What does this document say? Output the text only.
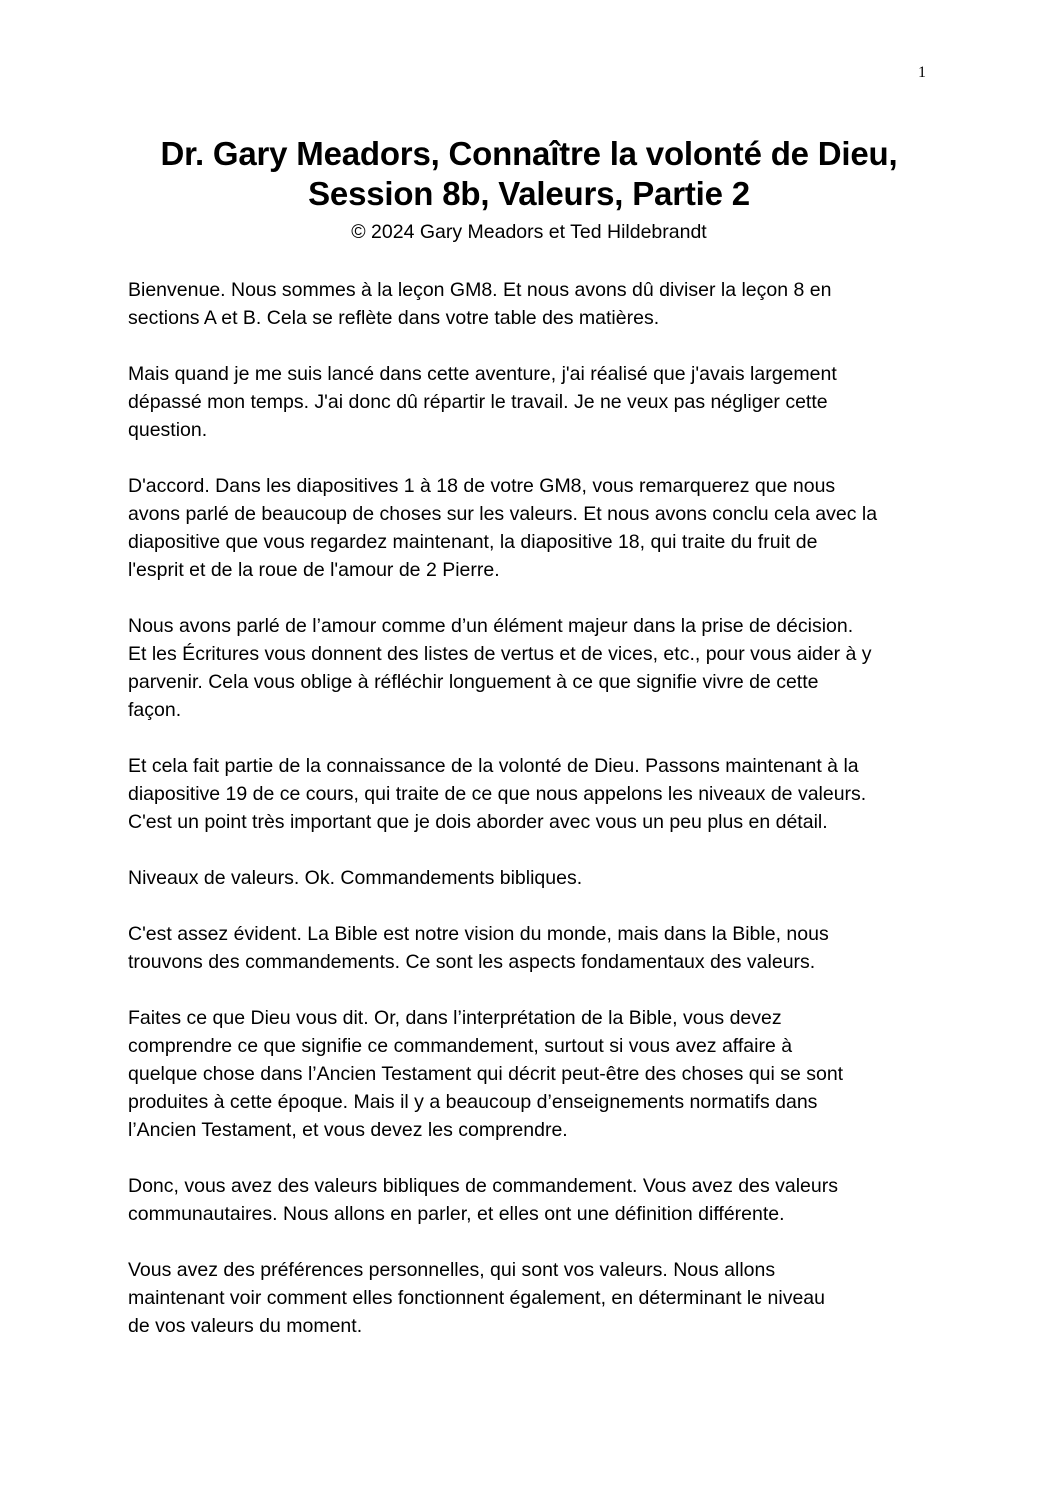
1
Dr. Gary Meadors, Connaître la volonté de Dieu,
Session 8b, Valeurs, Partie 2
© 2024 Gary Meadors et Ted Hildebrandt

Bienvenue. Nous sommes à la leçon GM8. Et nous avons dû diviser la leçon 8 en
sections A et B. Cela se reflète dans votre table des matières.

Mais quand je me suis lancé dans cette aventure, j'ai réalisé que j'avais largement
dépassé mon temps. J'ai donc dû répartir le travail. Je ne veux pas négliger cette
question.

D'accord. Dans les diapositives 1 à 18 de votre GM8, vous remarquerez que nous
avons parlé de beaucoup de choses sur les valeurs. Et nous avons conclu cela avec la
diapositive que vous regardez maintenant, la diapositive 18, qui traite du fruit de
l'esprit et de la roue de l'amour de 2 Pierre.

Nous avons parlé de l’amour comme d’un élément majeur dans la prise de décision.
Et les Écritures vous donnent des listes de vertus et de vices, etc., pour vous aider à y
parvenir. Cela vous oblige à réfléchir longuement à ce que signifie vivre de cette
façon.

Et cela fait partie de la connaissance de la volonté de Dieu. Passons maintenant à la
diapositive 19 de ce cours, qui traite de ce que nous appelons les niveaux de valeurs.
C'est un point très important que je dois aborder avec vous un peu plus en détail.

Niveaux de valeurs. Ok. Commandements bibliques.

C'est assez évident. La Bible est notre vision du monde, mais dans la Bible, nous
trouvons des commandements. Ce sont les aspects fondamentaux des valeurs.

Faites ce que Dieu vous dit. Or, dans l’interprétation de la Bible, vous devez
comprendre ce que signifie ce commandement, surtout si vous avez affaire à
quelque chose dans l’Ancien Testament qui décrit peut-être des choses qui se sont
produites à cette époque. Mais il y a beaucoup d’enseignements normatifs dans
l’Ancien Testament, et vous devez les comprendre.

Donc, vous avez des valeurs bibliques de commandement. Vous avez des valeurs
communautaires. Nous allons en parler, et elles ont une définition différente.

Vous avez des préférences personnelles, qui sont vos valeurs. Nous allons
maintenant voir comment elles fonctionnent également, en déterminant le niveau
de vos valeurs du moment.
